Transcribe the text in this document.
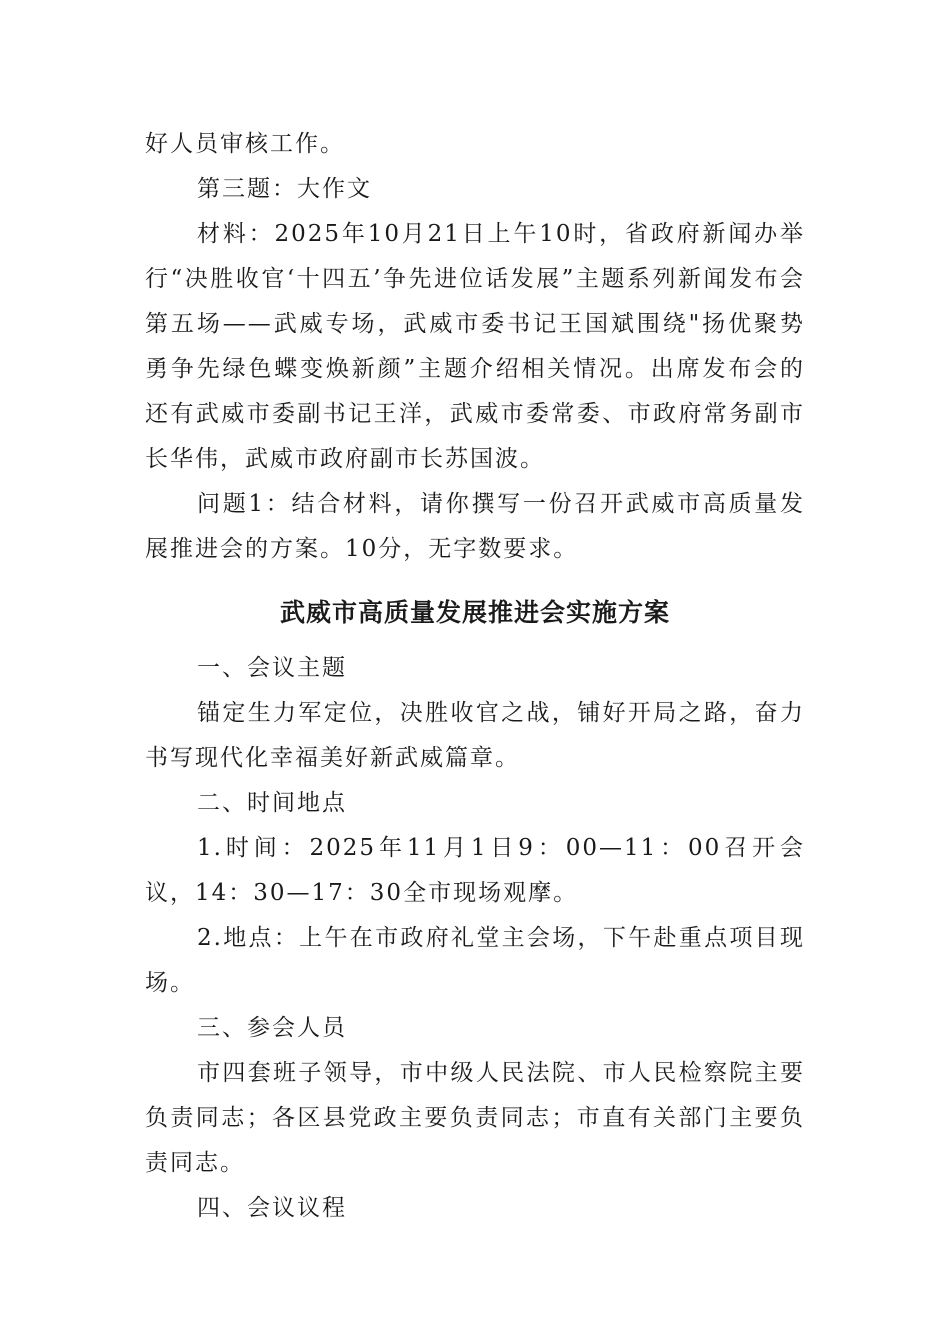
好人员审核工作。

第三题：大作文

材料：2025年10月21日上午10时，省政府新闻办举行“决胜收官‘十四五’争先进位话发展”主题系列新闻发布会第五场——武威专场，武威市委书记王国斌围绕"扬优聚势勇争先绿色蝶变焕新颜”主题介绍相关情况。出席发布会的还有武威市委副书记王洋，武威市委常委、市政府常务副市长华伟，武威市政府副市长苏国波。

问题1：结合材料，请你撰写一份召开武威市高质量发展推进会的方案。10分，无字数要求。

武威市高质量发展推进会实施方案

一、会议主题

锚定生力军定位，决胜收官之战，铺好开局之路，奋力书写现代化幸福美好新武威篇章。

二、时间地点

1.时间：2025年11月1日9：00—11：00召开会议，14：30—17：30全市现场观摩。

2.地点：上午在市政府礼堂主会场，下午赴重点项目现场。

三、参会人员

市四套班子领导，市中级人民法院、市人民检察院主要负责同志；各区县党政主要负责同志；市直有关部门主要负责同志。

四、会议议程
